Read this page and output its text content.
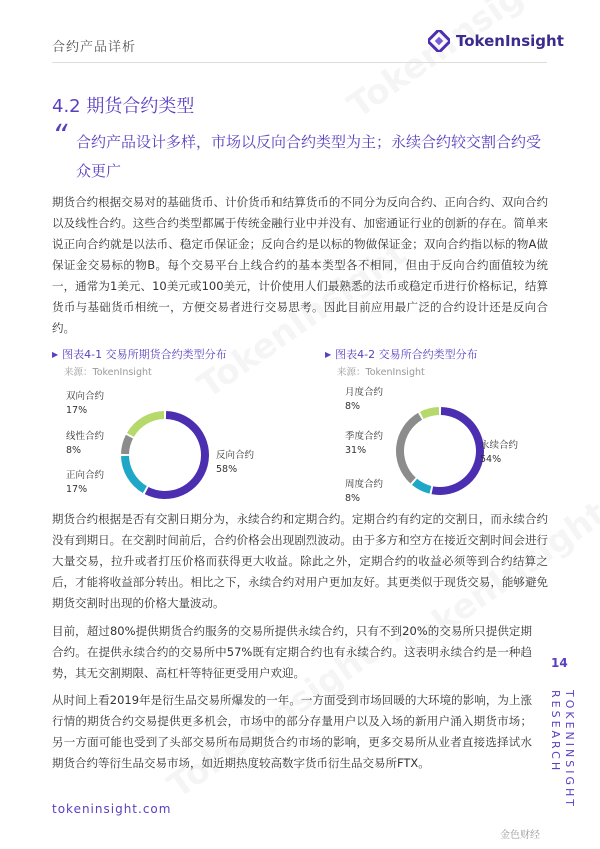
合约产品详析	TokenInsight
4.2 期货合约类型
“ 合约产品设计多样，市场以反向合约类型为主；永续合约较交割合约受众更广

期货合约根据交易对的基础货币、计价货币和结算货币的不同分为反向合约、正向合约、双向合约以及线性合约。这些合约类型都属于传统金融行业中并没有、加密通证行业的创新的存在。简单来说正向合约就是以法币、稳定币保证金；反向合约是以标的物做保证金；双向合约指以标的物A做保证金交易标的物B。每个交易平台上线合约的基本类型各不相同，但由于反向合约面值较为统一，通常为1美元、10美元或100美元，计价使用人们最熟悉的法币或稳定币进行价格标记，结算货币与基础货币相统一，方便交易者进行交易思考。因此目前应用最广泛的合约设计还是反向合约。

▶ 图表4-1 交易所期货合约类型分布
来源：TokenInsight
双向合约
17%
线性合约
8%
正向合约
17%
反向合约
58%
▶ 图表4-2 交易所合约类型分布
来源：TokenInsight
月度合约
8%
季度合约
31%
周度合约
8%
永续合约
54%

期货合约根据是否有交割日期分为，永续合约和定期合约。定期合约有约定的交割日，而永续合约没有到期日。在交割时间前后，合约价格会出现剧烈波动。由于多方和空方在接近交割时间会进行大量交易，拉升或者打压价格而获得更大收益。除此之外，定期合约的收益必须等到合约结算之后，才能将收益部分转出。相比之下，永续合约对用户更加友好。其更类似于现货交易，能够避免期货交割时出现的价格大量波动。

目前，超过80%提供期货合约服务的交易所提供永续合约，只有不到20%的交易所只提供定期合约。在提供永续合约的交易所中57%既有定期合约也有永续合约。这表明永续合约是一种趋势，其无交割期限、高杠杆等特征更受用户欢迎。

从时间上看2019年是衍生品交易所爆发的一年。一方面受到市场回暖的大环境的影响，为上涨行情的期货合约交易提供更多机会，市场中的部分存量用户以及入场的新用户涌入期货市场；另一方面可能也受到了头部交易所布局期货合约市场的影响，更多交易所从业者直接选择试水期货合约等衍生品交易市场，如近期热度较高数字货币衍生品交易所FTX。

14
TOKENINSIGHT RESEARCH
tokeninsight.com
金色财经
